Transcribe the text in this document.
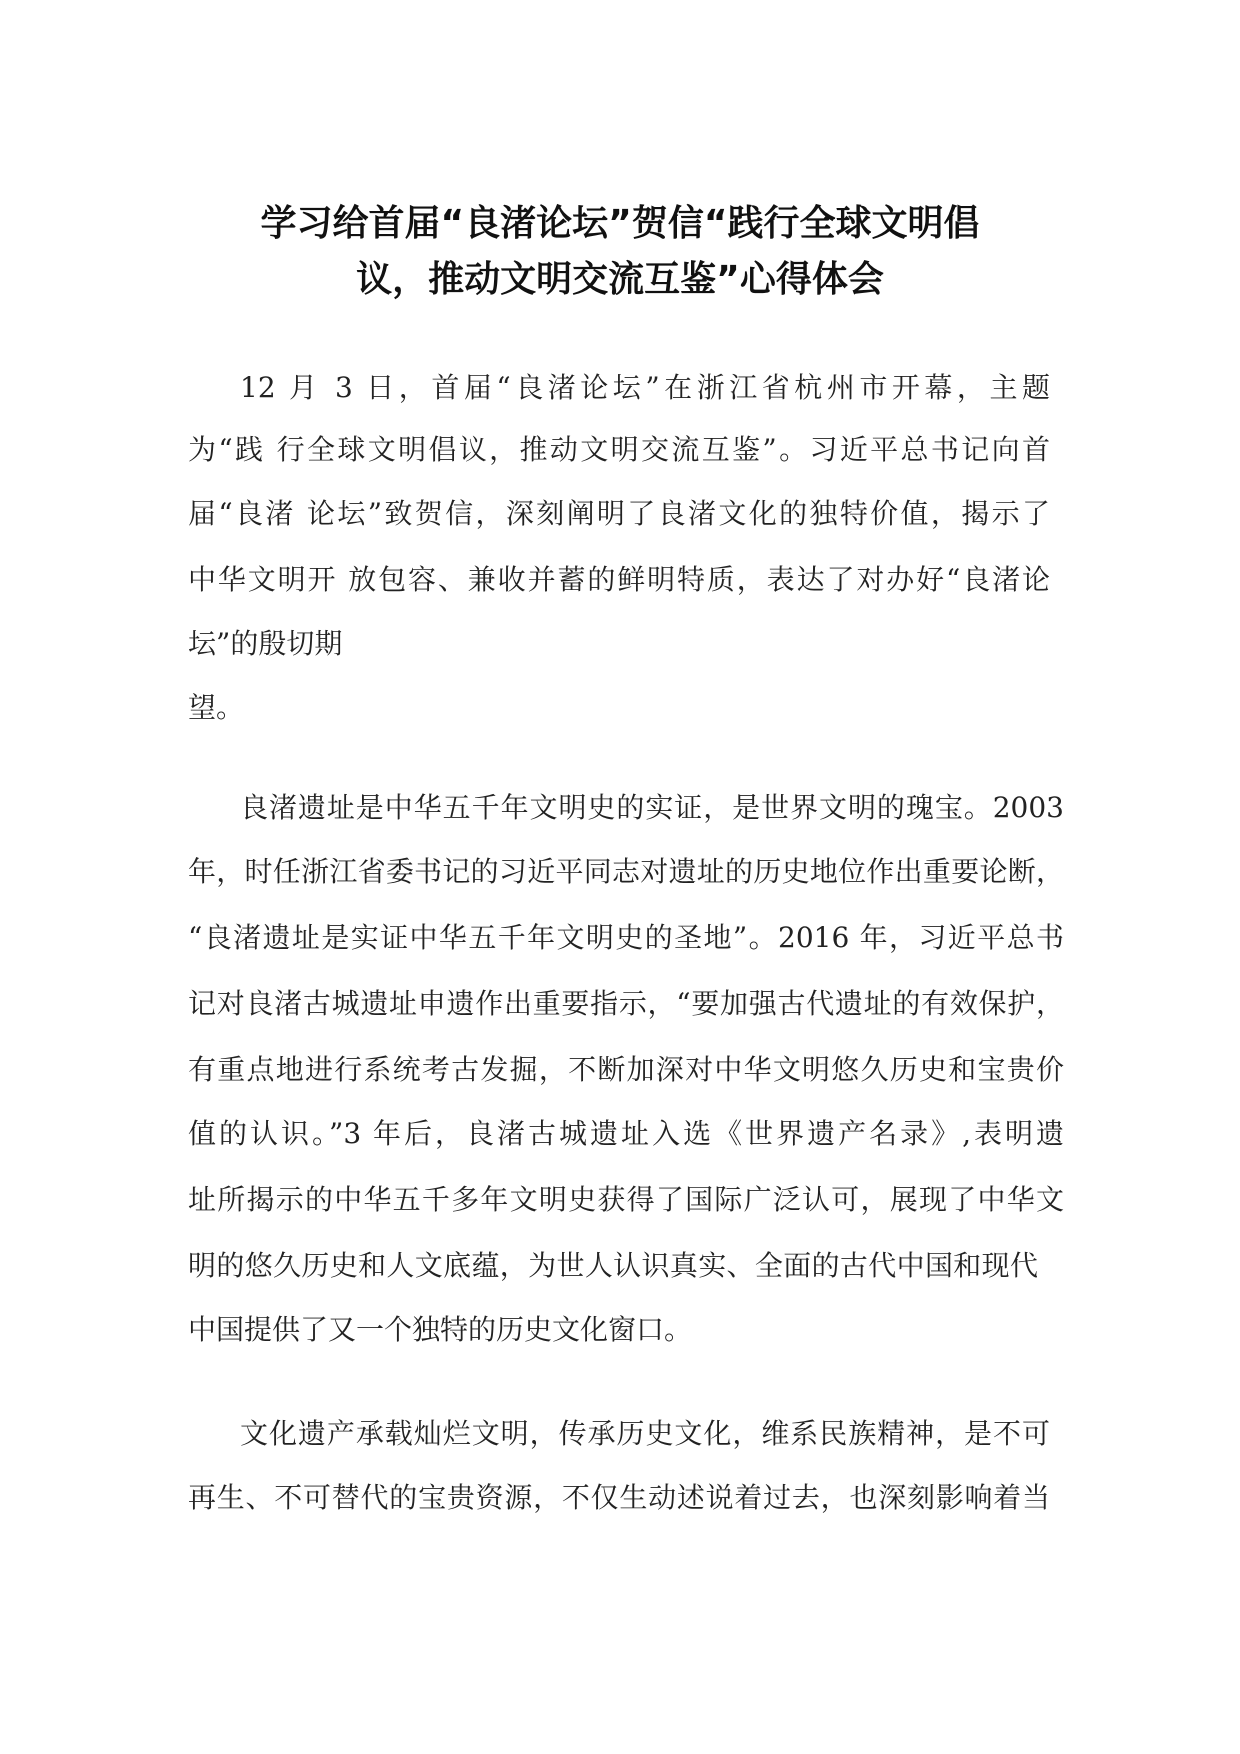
学习给首届“良渚论坛”贺信“践行全球文明倡
议，推动文明交流互鉴”心得体会
12 月 3 日，首届“良渚论坛”在浙江省杭州市开幕，主题
为“践 行全球文明倡议，推动文明交流互鉴”。习近平总书记向首
届“良渚 论坛”致贺信，深刻阐明了良渚文化的独特价值，揭示了
中华文明开 放包容、兼收并蓄的鲜明特质，表达了对办好“良渚论
坛”的殷切期
望。
良渚遗址是中华五千年文明史的实证，是世界文明的瑰宝。2003
年，时任浙江省委书记的习近平同志对遗址的历史地位作出重要论断，
“良渚遗址是实证中华五千年文明史的圣地”。2016 年，习近平总书
记对良渚古城遗址申遗作出重要指示，“要加强古代遗址的有效保护，
有重点地进行系统考古发掘，不断加深对中华文明悠久历史和宝贵价
值的认识。”3 年后，良渚古城遗址入选《世界遗产名录》,表明遗
址所揭示的中华五千多年文明史获得了国际广泛认可，展现了中华文
明的悠久历史和人文底蕴，为世人认识真实、全面的古代中国和现代
中国提供了又一个独特的历史文化窗口。
文化遗产承载灿烂文明，传承历史文化，维系民族精神，是不可
再生、不可替代的宝贵资源，不仅生动述说着过去，也深刻影响着当
